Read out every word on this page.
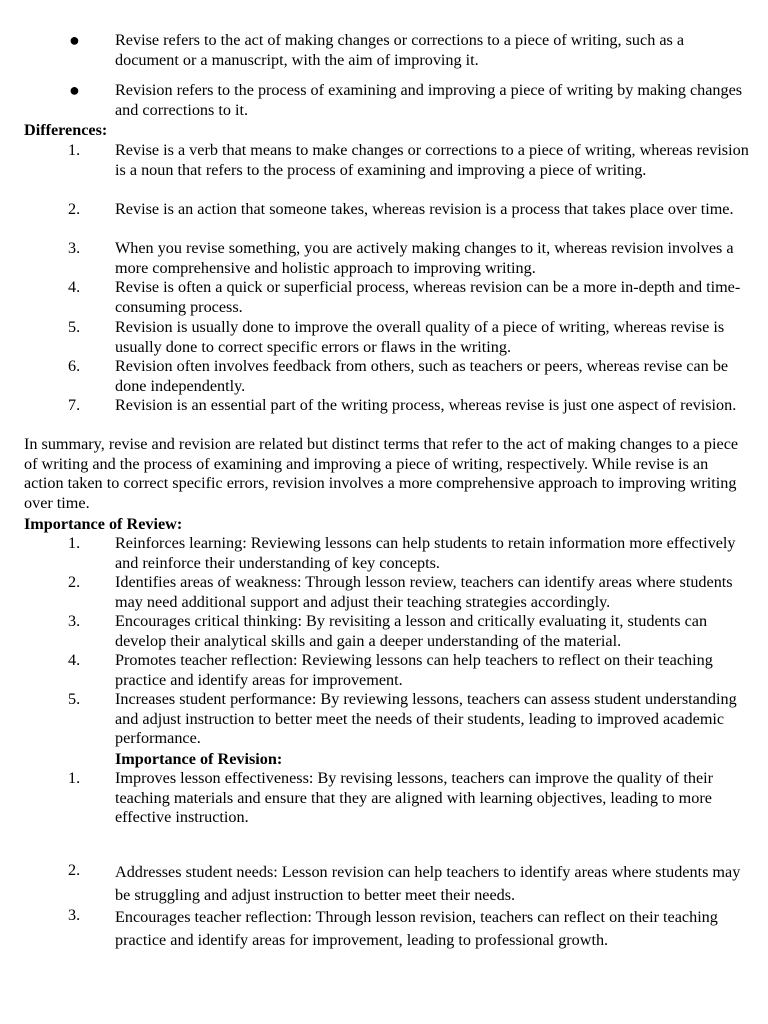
● Revise refers to the act of making changes or corrections to a piece of writing, such as a document or a manuscript, with the aim of improving it.
● Revision refers to the process of examining and improving a piece of writing by making changes and corrections to it.
Differences:
1. Revise is a verb that means to make changes or corrections to a piece of writing, whereas revision is a noun that refers to the process of examining and improving a piece of writing.
2. Revise is an action that someone takes, whereas revision is a process that takes place over time.
3. When you revise something, you are actively making changes to it, whereas revision involves a more comprehensive and holistic approach to improving writing.
4. Revise is often a quick or superficial process, whereas revision can be a more in-depth and time-consuming process.
5. Revision is usually done to improve the overall quality of a piece of writing, whereas revise is usually done to correct specific errors or flaws in the writing.
6. Revision often involves feedback from others, such as teachers or peers, whereas revise can be done independently.
7. Revision is an essential part of the writing process, whereas revise is just one aspect of revision.
In summary, revise and revision are related but distinct terms that refer to the act of making changes to a piece of writing and the process of examining and improving a piece of writing, respectively. While revise is an action taken to correct specific errors, revision involves a more comprehensive approach to improving writing over time.
Importance of Review:
1. Reinforces learning: Reviewing lessons can help students to retain information more effectively and reinforce their understanding of key concepts.
2. Identifies areas of weakness: Through lesson review, teachers can identify areas where students may need additional support and adjust their teaching strategies accordingly.
3. Encourages critical thinking: By revisiting a lesson and critically evaluating it, students can develop their analytical skills and gain a deeper understanding of the material.
4. Promotes teacher reflection: Reviewing lessons can help teachers to reflect on their teaching practice and identify areas for improvement.
5. Increases student performance: By reviewing lessons, teachers can assess student understanding and adjust instruction to better meet the needs of their students, leading to improved academic performance.
Importance of Revision:
1. Improves lesson effectiveness: By revising lessons, teachers can improve the quality of their teaching materials and ensure that they are aligned with learning objectives, leading to more effective instruction.
2. Addresses student needs: Lesson revision can help teachers to identify areas where students may be struggling and adjust instruction to better meet their needs.
3. Encourages teacher reflection: Through lesson revision, teachers can reflect on their teaching practice and identify areas for improvement, leading to professional growth.
